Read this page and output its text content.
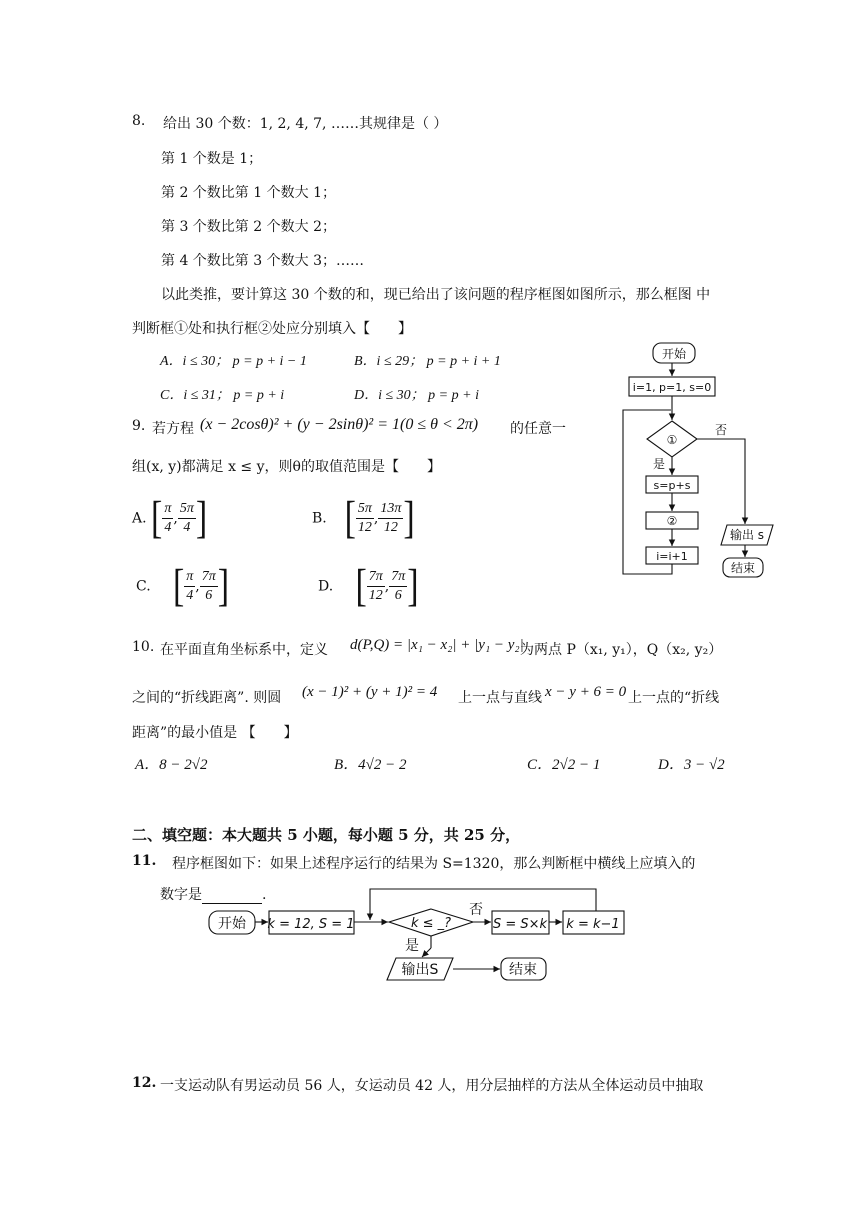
8. 给出 30 个数：1, 2, 4, 7, ……其规律是（ ）
第 1 个数是 1；
第 2 个数比第 1 个数大 1；
第 3 个数比第 2 个数大 2；
第 4 个数比第 3 个数大 3；……
以此类推，要计算这 30 个数的和，现已给出了该问题的程序框图如图所示，那么框图 中
判断框①处和执行框②处应分别填入【　　】
A．i ≤ 30； p = p + i − 1	B．i ≤ 29； p = p + i + 1
C．i ≤ 31； p = p + i	D．i ≤ 30； p = p + i
开始
i=1, p=1, s=0
①
否
是
s=p+s
②
i=i+1
输出 s
结束
9. 若方程 (x − 2cosθ)² + (y − 2sinθ)² = 1(0 ≤ θ < 2π) 的任意一
组(x, y)都满足 x ≤ y，则θ的取值范围是【　　】
A. [ $\frac{\pi}{4}$ , $\frac{5\pi}{4}$ ]	B. [ $\frac{5\pi}{12}$ , $\frac{13\pi}{12}$ ]
C. [ $\frac{\pi}{4}$ , $\frac{7\pi}{6}$ ]	D. [ $\frac{7\pi}{12}$ , $\frac{7\pi}{6}$ ]
10. 在平面直角坐标系中，定义 d(P,Q) = |x₁ − x₂| + |y₁ − y₂|
为两点 P（x₁, y₁），Q（x₂, y₂）
之间的“折线距离”. 则圆 (x − 1)² + (y + 1)² = 4 上一点与直线 x − y + 6 = 0 上一点的“折线
距离”的最小值是 【　　】
A．8 − 2√2	B．4√2 − 2	C．2√2 − 1	D．3 − √2
二、填空题：本大题共 5 小题，每小题 5 分，共 25 分，
11. 程序框图如下：如果上述程序运行的结果为 S=1320，那么判断框中横线上应填入的
数字是	.
开始 k = 12, S = 1	k ≤ _?
否
是
S = S×k k = k−1
输出S	结束
12. 一支运动队有男运动员 56 人，女运动员 42 人，用分层抽样的方法从全体运动员中抽取
